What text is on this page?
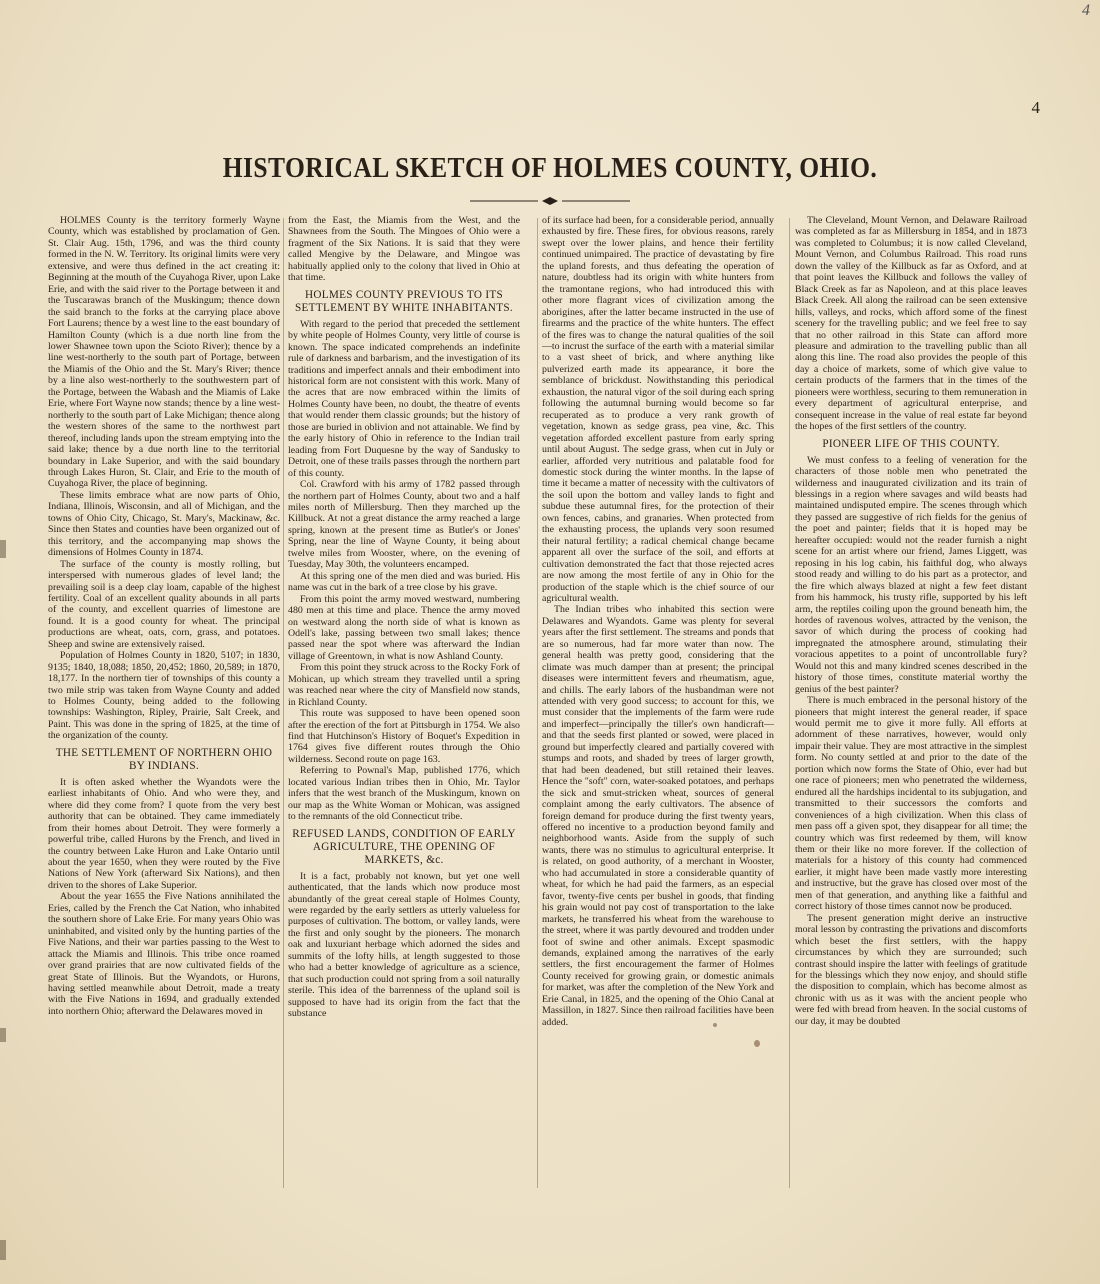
4
4
HISTORICAL SKETCH OF HOLMES COUNTY, OHIO.

HOLMES County is the territory formerly Wayne County, which was established by proclamation of Gen. St. Clair Aug. 15th, 1796, and was the third county formed in the N. W. Territory. Its original limits were very extensive, and were thus defined in the act creating it: Beginning at the mouth of the Cuyahoga River, upon Lake Erie, and with the said river to the Portage between it and the Tuscarawas branch of the Muskingum; thence down the said branch to the forks at the carrying place above Fort Laurens; thence by a west line to the east boundary of Hamilton County (which is a due north line from the lower Shawnee town upon the Scioto River); thence by a line west-northerly to the south part of Portage, between the Miamis of the Ohio and the St. Mary's River; thence by a line also west-northerly to the southwestern part of the Portage, between the Wabash and the Miamis of Lake Erie, where Fort Wayne now stands; thence by a line west-northerly to the south part of Lake Michigan; thence along the western shores of the same to the northwest part thereof, including lands upon the stream emptying into the said lake; thence by a due north line to the territorial boundary in Lake Superior, and with the said boundary through Lakes Huron, St. Clair, and Erie to the mouth of Cuyahoga River, the place of beginning.

These limits embrace what are now parts of Ohio, Indiana, Illinois, Wisconsin, and all of Michigan, and the towns of Ohio City, Chicago, St. Mary's, Mackinaw, &c. Since then States and counties have been organized out of this territory, and the accompanying map shows the dimensions of Holmes County in 1874.

The surface of the county is mostly rolling, but interspersed with numerous glades of level land; the prevailing soil is a deep clay loam, capable of the highest fertility. Coal of an excellent quality abounds in all parts of the county, and excellent quarries of limestone are found. It is a good county for wheat. The principal productions are wheat, oats, corn, grass, and potatoes. Sheep and swine are extensively raised.

Population of Holmes County in 1820, 5107; in 1830, 9135; 1840, 18,088; 1850, 20,452; 1860, 20,589; in 1870, 18,177. In the northern tier of townships of this county a two mile strip was taken from Wayne County and added to Holmes County, being added to the following townships: Washington, Ripley, Prairie, Salt Creek, and Paint. This was done in the spring of 1825, at the time of the organization of the county.

THE SETTLEMENT OF NORTHERN OHIO BY INDIANS.

It is often asked whether the Wyandots were the earliest inhabitants of Ohio. And who were they, and where did they come from? I quote from the very best authority that can be obtained. They came immediately from their homes about Detroit. They were formerly a powerful tribe, called Hurons by the French, and lived in the country between Lake Huron and Lake Ontario until about the year 1650, when they were routed by the Five Nations of New York (afterward Six Nations), and then driven to the shores of Lake Superior.

About the year 1655 the Five Nations annihilated the Eries, called by the French the Cat Nation, who inhabited the southern shore of Lake Erie. For many years Ohio was uninhabited, and visited only by the hunting parties of the Five Nations, and their war parties passing to the West to attack the Miamis and Illinois. This tribe once roamed over grand prairies that are now cultivated fields of the great State of Illinois. But the Wyandots, or Hurons, having settled meanwhile about Detroit, made a treaty with the Five Nations in 1694, and gradually extended into northern Ohio; afterward the Delawares moved in

from the East, the Miamis from the West, and the Shawnees from the South. The Mingoes of Ohio were a fragment of the Six Nations. It is said that they were called Mengive by the Delaware, and Mingoe was habitually applied only to the colony that lived in Ohio at that time.

HOLMES COUNTY PREVIOUS TO ITS SETTLEMENT BY WHITE INHABITANTS.

With regard to the period that preceded the settlement by white people of Holmes County, very little of course is known. The space indicated comprehends an indefinite rule of darkness and barbarism, and the investigation of its traditions and imperfect annals and their embodiment into historical form are not consistent with this work. Many of the acres that are now embraced within the limits of Holmes County have been, no doubt, the theatre of events that would render them classic grounds; but the history of those are buried in oblivion and not attainable. We find by the early history of Ohio in reference to the Indian trail leading from Fort Duquesne by the way of Sandusky to Detroit, one of these trails passes through the northern part of this county.

Col. Crawford with his army of 1782 passed through the northern part of Holmes County, about two and a half miles north of Millersburg. Then they marched up the Killbuck. At not a great distance the army reached a large spring, known at the present time as Butler's or Jones' Spring, near the line of Wayne County, it being about twelve miles from Wooster, where, on the evening of Tuesday, May 30th, the volunteers encamped.

At this spring one of the men died and was buried. His name was cut in the bark of a tree close by his grave.

From this point the army moved westward, numbering 480 men at this time and place. Thence the army moved on westward along the north side of what is known as Odell's lake, passing between two small lakes; thence passed near the spot where was afterward the Indian village of Greentown, in what is now Ashland County.

From this point they struck across to the Rocky Fork of Mohican, up which stream they travelled until a spring was reached near where the city of Mansfield now stands, in Richland County.

This route was supposed to have been opened soon after the erection of the fort at Pittsburgh in 1754. We also find that Hutchinson's History of Boquet's Expedition in 1764 gives five different routes through the Ohio wilderness. Second route on page 163.

Referring to Pownal's Map, published 1776, which located various Indian tribes then in Ohio, Mr. Taylor infers that the west branch of the Muskingum, known on our map as the White Woman or Mohican, was assigned to the remnants of the old Connecticut tribe.

REFUSED LANDS, CONDITION OF EARLY AGRICULTURE, THE OPENING OF MARKETS, &c.

It is a fact, probably not known, but yet one well authenticated, that the lands which now produce most abundantly of the great cereal staple of Holmes County, were regarded by the early settlers as utterly valueless for purposes of cultivation. The bottom, or valley lands, were the first and only sought by the pioneers. The monarch oak and luxuriant herbage which adorned the sides and summits of the lofty hills, at length suggested to those who had a better knowledge of agriculture as a science, that such production could not spring from a soil naturally sterile. This idea of the barrenness of the upland soil is supposed to have had its origin from the fact that the substance

of its surface had been, for a considerable period, annually exhausted by fire. These fires, for obvious reasons, rarely swept over the lower plains, and hence their fertility continued unimpaired. The practice of devastating by fire the upland forests, and thus defeating the operation of nature, doubtless had its origin with white hunters from the tramontane regions, who had introduced this with other more flagrant vices of civilization among the aborigines, after the latter became instructed in the use of firearms and the practice of the white hunters. The effect of the fires was to change the natural qualities of the soil—to incrust the surface of the earth with a material similar to a vast sheet of brick, and where anything like pulverized earth made its appearance, it bore the semblance of brickdust. Nowithstanding this periodical exhaustion, the natural vigor of the soil during each spring following the autumnal burning would become so far recuperated as to produce a very rank growth of vegetation, known as sedge grass, pea vine, &c. This vegetation afforded excellent pasture from early spring until about August. The sedge grass, when cut in July or earlier, afforded very nutritious and palatable food for domestic stock during the winter months. In the lapse of time it became a matter of necessity with the cultivators of the soil upon the bottom and valley lands to fight and subdue these autumnal fires, for the protection of their own fences, cabins, and granaries. When protected from the exhausting process, the uplands very soon resumed their natural fertility; a radical chemical change became apparent all over the surface of the soil, and efforts at cultivation demonstrated the fact that those rejected acres are now among the most fertile of any in Ohio for the production of the staple which is the chief source of our agricultural wealth.

The Indian tribes who inhabited this section were Delawares and Wyandots. Game was plenty for several years after the first settlement. The streams and ponds that are so numerous, had far more water than now. The general health was pretty good, considering that the climate was much damper than at present; the principal diseases were intermittent fevers and rheumatism, ague, and chills. The early labors of the husbandman were not attended with very good success; to account for this, we must consider that the implements of the farm were rude and imperfect—principally the tiller's own handicraft—and that the seeds first planted or sowed, were placed in ground but imperfectly cleared and partially covered with stumps and roots, and shaded by trees of larger growth, that had been deadened, but still retained their leaves. Hence the "soft" corn, water-soaked potatoes, and perhaps the sick and smut-stricken wheat, sources of general complaint among the early cultivators. The absence of foreign demand for produce during the first twenty years, offered no incentive to a production beyond family and neighborhood wants. Aside from the supply of such wants, there was no stimulus to agricultural enterprise. It is related, on good authority, of a merchant in Wooster, who had accumulated in store a considerable quantity of wheat, for which he had paid the farmers, as an especial favor, twenty-five cents per bushel in goods, that finding his grain would not pay cost of transportation to the lake markets, he transferred his wheat from the warehouse to the street, where it was partly devoured and trodden under foot of swine and other animals. Except spasmodic demands, explained among the narratives of the early settlers, the first encouragement the farmer of Holmes County received for growing grain, or domestic animals for market, was after the completion of the New York and Erie Canal, in 1825, and the opening of the Ohio Canal at Massillon, in 1827. Since then railroad facilities have been added.

The Cleveland, Mount Vernon, and Delaware Railroad was completed as far as Millersburg in 1854, and in 1873 was completed to Columbus; it is now called Cleveland, Mount Vernon, and Columbus Railroad. This road runs down the valley of the Killbuck as far as Oxford, and at that point leaves the Killbuck and follows the valley of Black Creek as far as Napoleon, and at this place leaves Black Creek. All along the railroad can be seen extensive hills, valleys, and rocks, which afford some of the finest scenery for the travelling public; and we feel free to say that no other railroad in this State can afford more pleasure and admiration to the travelling public than all along this line. The road also provides the people of this day a choice of markets, some of which give value to certain products of the farmers that in the times of the pioneers were worthless, securing to them remuneration in every department of agricultural enterprise, and consequent increase in the value of real estate far beyond the hopes of the first settlers of the country.

PIONEER LIFE OF THIS COUNTY.

We must confess to a feeling of veneration for the characters of those noble men who penetrated the wilderness and inaugurated civilization and its train of blessings in a region where savages and wild beasts had maintained undisputed empire. The scenes through which they passed are suggestive of rich fields for the genius of the poet and painter; fields that it is hoped may be hereafter occupied: would not the reader furnish a night scene for an artist where our friend, James Liggett, was reposing in his log cabin, his faithful dog, who always stood ready and willing to do his part as a protector, and the fire which always blazed at night a few feet distant from his hammock, his trusty rifle, supported by his left arm, the reptiles coiling upon the ground beneath him, the hordes of ravenous wolves, attracted by the venison, the savor of which during the process of cooking had impregnated the atmosphere around, stimulating their voracious appetites to a point of uncontrollable fury? Would not this and many kindred scenes described in the history of those times, constitute material worthy the genius of the best painter?

There is much embraced in the personal history of the pioneers that might interest the general reader, if space would permit me to give it more fully. All efforts at adornment of these narratives, however, would only impair their value. They are most attractive in the simplest form. No county settled at and prior to the date of the portion which now forms the State of Ohio, ever had but one race of pioneers; men who penetrated the wilderness, endured all the hardships incidental to its subjugation, and transmitted to their successors the comforts and conveniences of a high civilization. When this class of men pass off a given spot, they disappear for all time; the country which was first redeemed by them, will know them or their like no more forever. If the collection of materials for a history of this county had commenced earlier, it might have been made vastly more interesting and instructive, but the grave has closed over most of the men of that generation, and anything like a faithful and correct history of those times cannot now be produced.

The present generation might derive an instructive moral lesson by contrasting the privations and discomforts which beset the first settlers, with the happy circumstances by which they are surrounded; such contrast should inspire the latter with feelings of gratitude for the blessings which they now enjoy, and should stifle the disposition to complain, which has become almost as chronic with us as it was with the ancient people who were fed with bread from heaven. In the social customs of our day, it may be doubted
